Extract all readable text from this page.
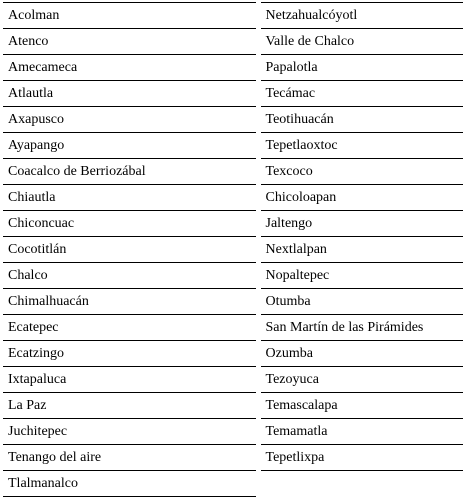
Acolman	Netzahualcóyotl
Atenco	Valle de Chalco
Amecameca	Papalotla
Atlautla	Tecámac
Axapusco	Teotihuacán
Ayapango	Tepetlaoxtoc
Coacalco de Berriozábal	Texcoco
Chiautla	Chicoloapan
Chiconcuac	Jaltengo
Cocotitlán	Nextlalpan
Chalco	Nopaltepec
Chimalhuacán	Otumba
Ecatepec	San Martín de las Pirámides
Ecatzingo	Ozumba
Ixtapaluca	Tezoyuca
La Paz	Temascalapa
Juchitepec	Temamatla
Tenango del aire	Tepetlixpa
Tlalmanalco	
